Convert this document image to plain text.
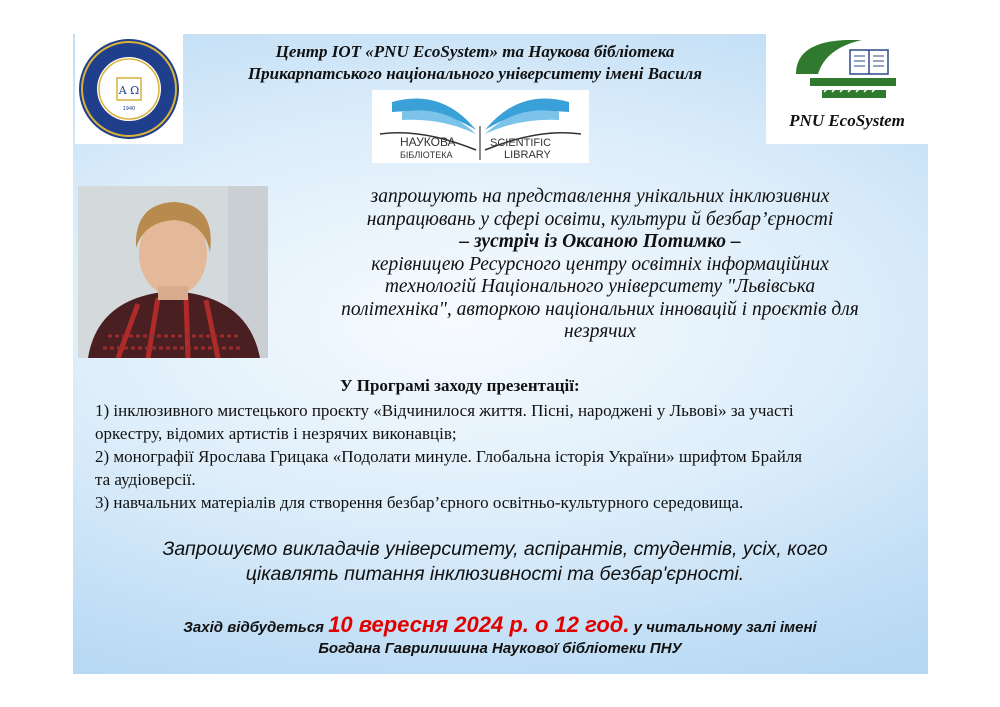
Α Ω
1940
Центр ІОТ «PNU EcoSystem» та Наукова бібліотека
Прикарпатського національного університету імені Василя
НАУКОВА
БІБЛІОТЕКА
SCIENTIFIC
LIBRARY
PNU EcoSystem
запрошують на представлення унікальних інклюзивних
напрацювань у сфері освіти, культури й безбар’єрності
– зустріч із Оксаною Потимко –
керівницею Ресурсного центру освітніх інформаційних
технологій Національного університету "Львівська
політехніка", авторкою національних інновацій і проєктів для
незрячих
У Програмі заходу презентації:
1) інклюзивного мистецького проєкту «Відчинилося життя. Пісні, народжені у Львові» за участі
оркестру, відомих артистів і незрячих виконавців;
2) монографії Ярослава Грицака «Подолати минуле. Глобальна історія України» шрифтом Брайля
та аудіоверсії.
3) навчальних матеріалів для створення безбар’єрного освітньо-культурного середовища.
Запрошуємо викладачів університету, аспірантів, студентів, усіх, кого
цікавлять питання інклюзивності та безбар'єрності.
Захід відбудеться 10 вересня 2024 р. о 12 год. у читальному залі імені
Богдана Гаврилишина Наукової бібліотеки ПНУ
